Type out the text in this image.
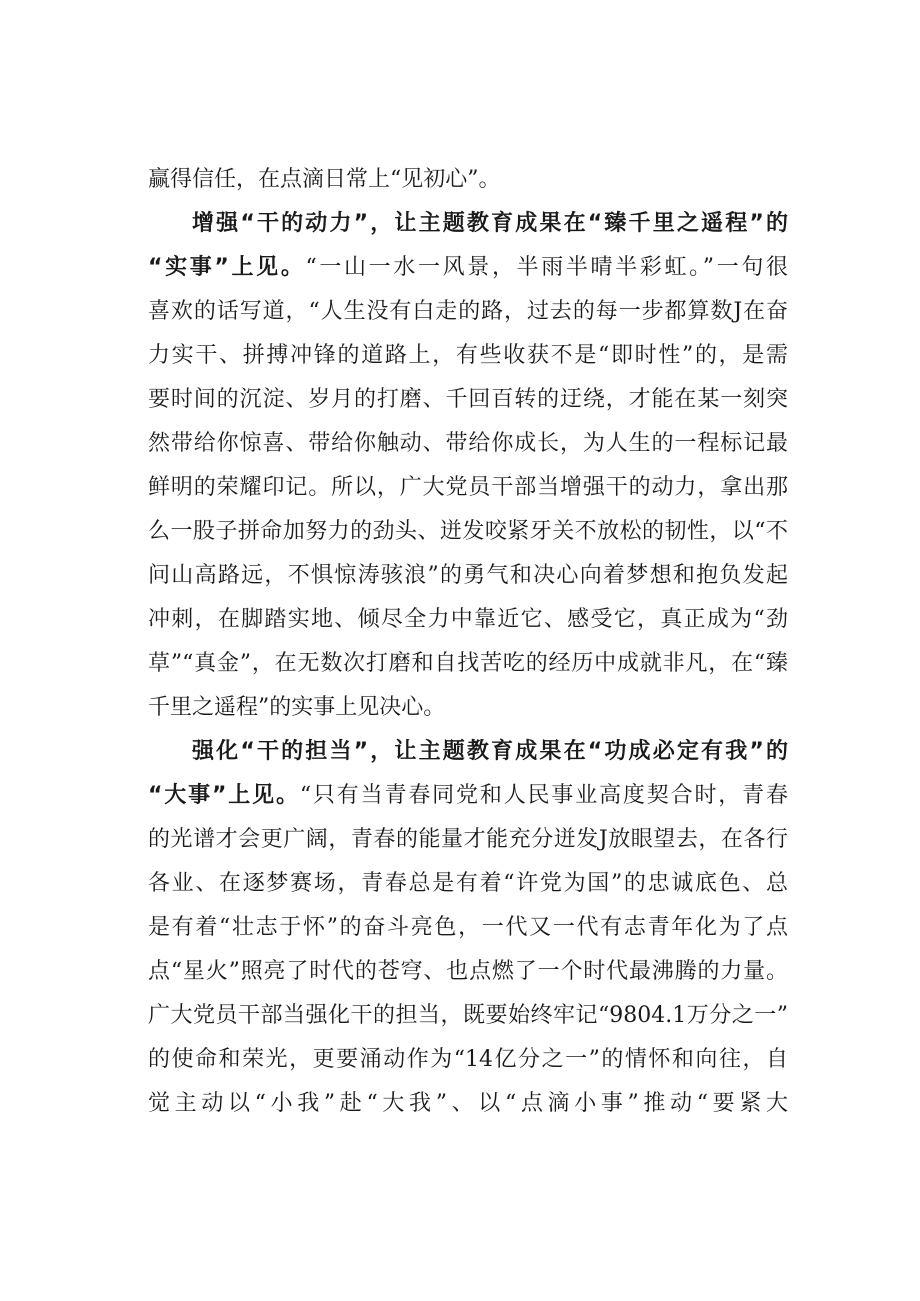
赢得信任，在点滴日常上“见初心”。
增强“干的动力”，让主题教育成果在“臻千里之遥程”的
“实事”上见。“一山一水一风景，半雨半晴半彩虹。”一句很
喜欢的话写道，“人生没有白走的路，过去的每一步都算数J在奋
力实干、拼搏冲锋的道路上，有些收获不是“即时性”的，是需
要时间的沉淀、岁月的打磨、千回百转的迂绕，才能在某一刻突
然带给你惊喜、带给你触动、带给你成长，为人生的一程标记最
鲜明的荣耀印记。所以，广大党员干部当增强干的动力，拿出那
么一股子拼命加努力的劲头、迸发咬紧牙关不放松的韧性，以“不
问山高路远，不惧惊涛骇浪”的勇气和决心向着梦想和抱负发起
冲刺，在脚踏实地、倾尽全力中靠近它、感受它，真正成为“劲
草”“真金”，在无数次打磨和自找苦吃的经历中成就非凡，在“臻
千里之遥程”的实事上见决心。
强化“干的担当”，让主题教育成果在“功成必定有我”的
“大事”上见。“只有当青春同党和人民事业高度契合时，青春
的光谱才会更广阔，青春的能量才能充分迸发J放眼望去，在各行
各业、在逐梦赛场，青春总是有着“许党为国”的忠诚底色、总
是有着“壮志于怀”的奋斗亮色，一代又一代有志青年化为了点
点“星火”照亮了时代的苍穹、也点燃了一个时代最沸腾的力量。
广大党员干部当强化干的担当，既要始终牢记“9804.1万分之一”
的使命和荣光，更要涌动作为“14亿分之一”的情怀和向往，自
觉主动以“小我”赴“大我”、以“点滴小事”推动“要紧大
